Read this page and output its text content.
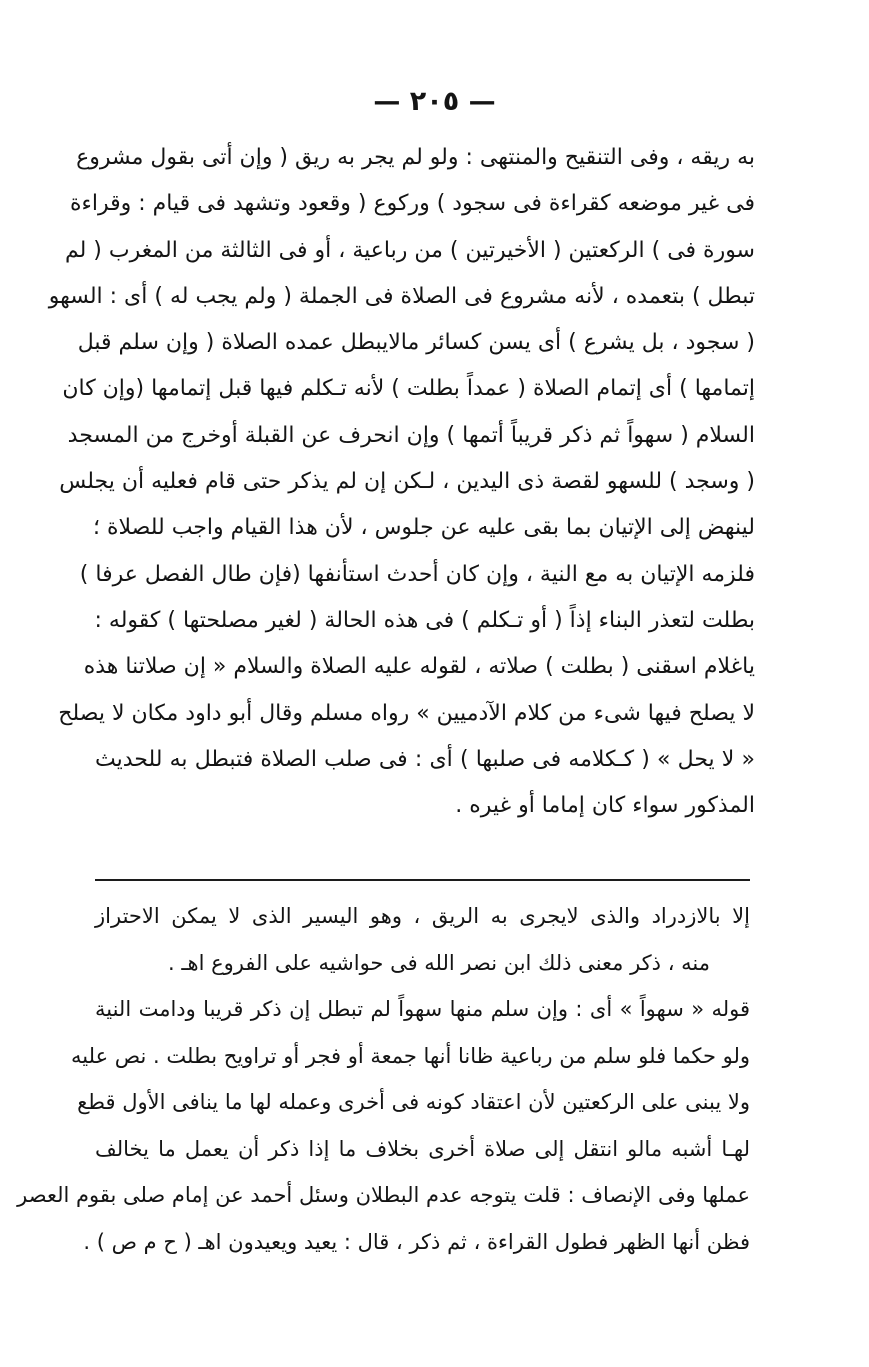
— ٢٠٥ —
به ريقه ، وفى التنقيح والمنتهى : ولو لم يجر به ريق ( وإن أتى بقول مشروع
فى غير موضعه كقراءة فى سجود ) وركوع ( وقعود وتشهد فى قيام : وقراءة
سورة فى ) الركعتين ( الأخيرتين ) من رباعية ، أو فى الثالثة من المغرب ( لم
تبطل ) بتعمده ، لأنه مشروع فى الصلاة فى الجملة ( ولم يجب له ) أى : السهو
( سجود ، بل يشرع ) أى يسن كسائر مالايبطل عمده الصلاة ( وإن سلم قبل
إتمامها ) أى إتمام الصلاة ( عمداً بطلت ) لأنه تـكلم فيها قبل إتمامها (وإن كان
السلام ( سهواً ثم ذكر قريباً أتمها ) وإن انحرف عن القبلة أوخرج من المسجد
( وسجد ) للسهو لقصة ذى اليدين ، لـكن إن لم يذكر حتى قام فعليه أن يجلس
لينهض إلى الإتيان بما بقى عليه عن جلوس ، لأن هذا القيام واجب للصلاة ؛
فلزمه الإتيان به مع النية ، وإن كان أحدث استأنفها (فإن طال الفصل عرفا )
بطلت لتعذر البناء إذاً ( أو تـكلم ) فى هذه الحالة ( لغير مصلحتها ) كقوله :
ياغلام اسقنى ( بطلت ) صلاته ، لقوله عليه الصلاة والسلام « إن صلاتنا هذه
لا يصلح فيها شىء من كلام الآدميين » رواه مسلم وقال أبو داود مكان لا يصلح
« لا يحل » ( كـكلامه فى صلبها ) أى : فى صلب الصلاة فتبطل به للحديث
المذكور سواء كان إماما أو غيره .
إلا بالازدراد والذى لايجرى به الريق ، وهو اليسير الذى لا يمكن الاحتراز
منه ، ذكر معنى ذلك ابن نصر الله فى حواشيه على الفروع اهـ .
قوله « سهواً » أى : وإن سلم منها سهواً لم تبطل إن ذكر قريبا ودامت النية
ولو حكما فلو سلم من رباعية ظانا أنها جمعة أو فجر أو تراويح بطلت . نص عليه
ولا يبنى على الركعتين لأن اعتقاد كونه فى أخرى وعمله لها ما ينافى الأول قطع
لهـا أشبه مالو انتقل إلى صلاة أخرى بخلاف ما إذا ذكر أن يعمل ما يخالف
عملها وفى الإنصاف : قلت يتوجه عدم البطلان وسئل أحمد عن إمام صلى بقوم العصر
فظن أنها الظهر فطول القراءة ، ثم ذكر ، قال : يعيد ويعيدون اهـ ( ح م ص ) .
